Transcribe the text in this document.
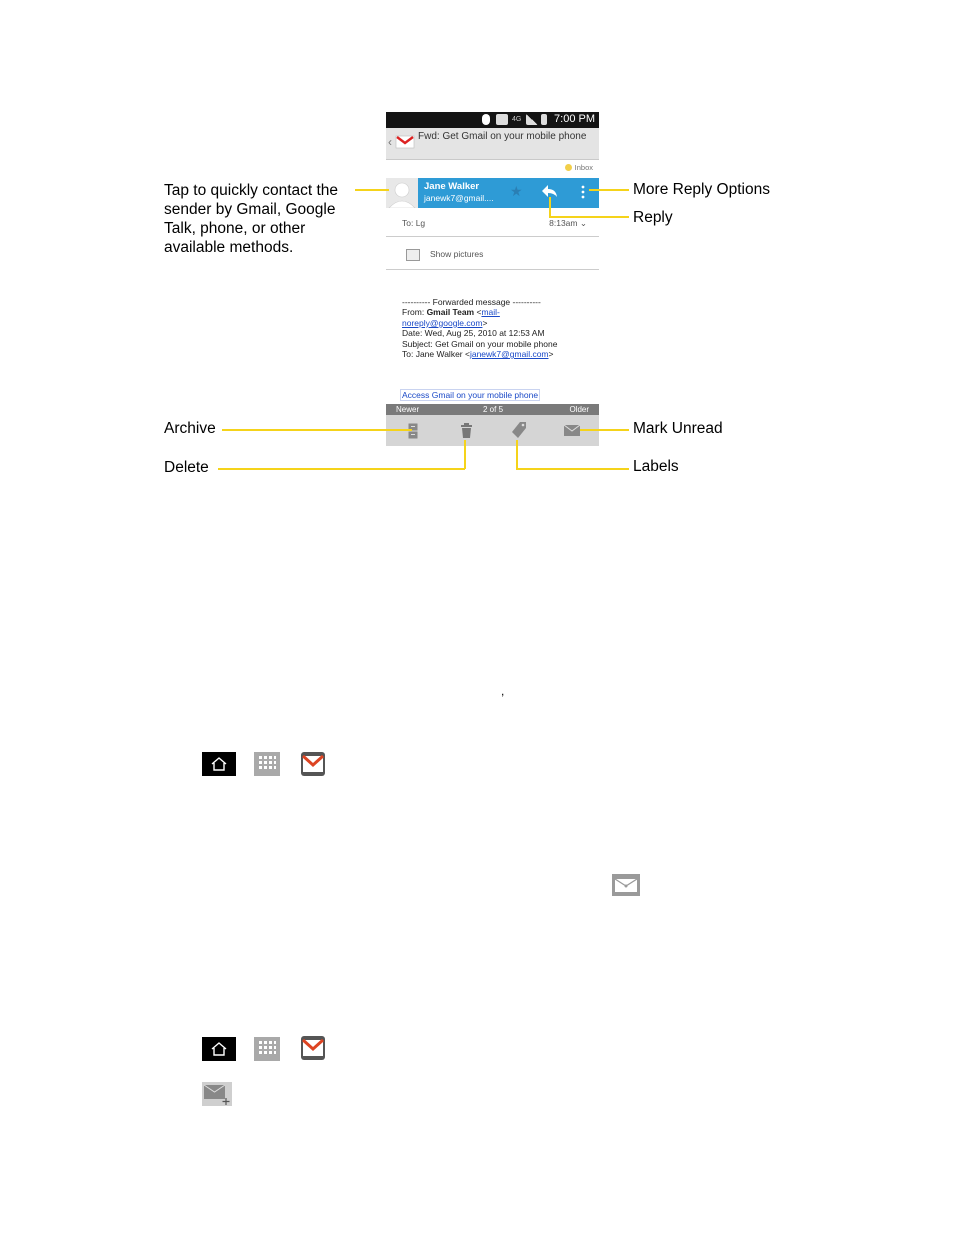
4G	7:00 PM
‹	Fwd: Get Gmail on your mobile phone
Inbox
Jane Walker
janewk7@gmail.... ★
To: Lg	8:13am ⌄
Show pictures
---------- Forwarded message ----------
From: Gmail Team <mail-
noreply@google.com>
Date: Wed, Aug 25, 2010 at 12:53 AM
Subject: Get Gmail on your mobile phone
To: Jane Walker <janewk7@gmail.com>
Access Gmail on your mobile phone
Newer	2 of 5	Older
Tap to quickly contact the
sender by Gmail, Google
Talk, phone, or other
available methods.
More Reply Options
Reply
Archive	Mark Unread
Delete	Labels
,
